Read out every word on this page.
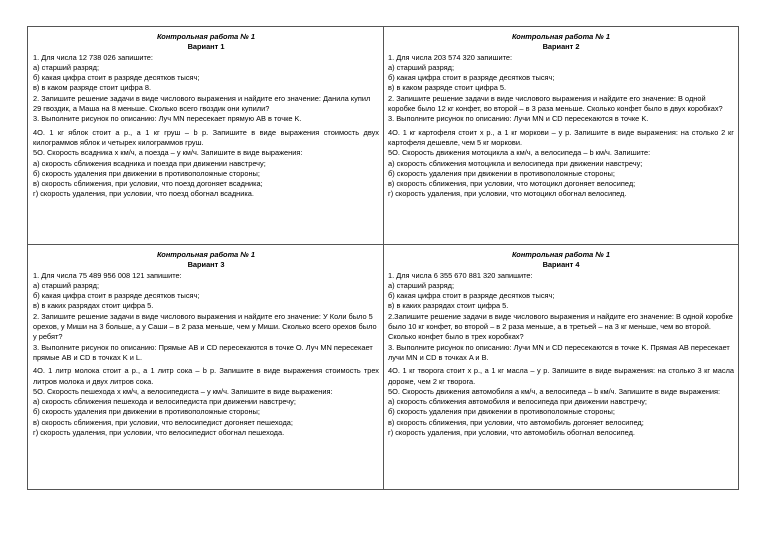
Контрольная работа № 1
Вариант 1
1. Для числа 12 738 026 запишите:
а) старший разряд;
б) какая цифра стоит в разряде десятков тысяч;
в) в каком разряде стоит цифра 8.
2. Запишите решение задачи в виде числового выражения и найдите его значение: Данила купил 29 гвоздик, а Маша на 8 меньше. Сколько всего гвоздик они купили?
3. Выполните рисунок по описанию: Луч MN пересекает прямую AB в точке K.
4О. 1 кг яблок стоит а р., а 1 кг груш – b р. Запишите в виде выражения стоимость двух килограммов яблок и четырех килограммов груш.
5О. Скорость всадника x км/ч, а поезда – y км/ч. Запишите в виде выражения:
а) скорость сближения всадника и поезда при движении навстречу;
б) скорость удаления при движении в противоположные стороны;
в) скорость сближения, при условии, что поезд догоняет всадника;
г) скорость удаления, при условии, что поезд обогнал всадника.
Контрольная работа № 1
Вариант 2
1. Для числа 203 574 320 запишите:
а) старший разряд;
б) какая цифра стоит в разряде десятков тысяч;
в) в каком разряде стоит цифра 5.
2. Запишите решение задачи в виде числового выражения и найдите его значение: В одной коробке было 12 кг конфет, во второй – в 3 раза меньше. Сколько конфет было в двух коробках?
3. Выполните рисунок по описанию: Лучи MN и CD пересекаются в точке K.
4О. 1 кг картофеля стоит x р., а 1 кг моркови – y р. Запишите в виде выражения: на столько 2 кг картофеля дешевле, чем 5 кг моркови.
5О. Скорость движения мотоцикла a км/ч, а велосипеда – b км/ч. Запишите:
а) скорость сближения мотоцикла и велосипеда при движении навстречу;
б) скорость удаления при движении в противоположные стороны;
в) скорость сближения, при условии, что мотоцикл догоняет велосипед;
г) скорость удаления, при условии, что мотоцикл обогнал велосипед.
Контрольная работа № 1
Вариант 3
1. Для числа 75 489 956 008 121 запишите:
а) старший разряд;
б) какая цифра стоит в разряде десятков тысяч;
в) в каких разрядах стоит цифра 5.
2. Запишите решение задачи в виде числового выражения и найдите его значение: У Коли было 5 орехов, у Миши на 3 больше, а у Саши – в 2 раза меньше, чем у Миши. Сколько всего орехов было у ребят?
3. Выполните рисунок по описанию: Прямые AB и CD пересекаются в точке O. Луч MN пересекает прямые AB и CD в точках K и L.
4О. 1 литр молока стоит a р., а 1 литр сока – b р. Запишите в виде выражения стоимость трех литров молока и двух литров сока.
5О. Скорость пешехода x км/ч, а велосипедиста – y км/ч. Запишите в виде выражения:
а) скорость сближения пешехода и велосипедиста при движении навстречу;
б) скорость удаления при движении в противоположные стороны;
в) скорость сближения, при условии, что велосипедист догоняет пешехода;
г) скорость удаления, при условии, что велосипедист обогнал пешехода.
Контрольная работа № 1
Вариант 4
1. Для числа 6 355 670 881 320 запишите:
а) старший разряд;
б) какая цифра стоит в разряде десятков тысяч;
в) в каких разрядах стоит цифра 5.
2.Запишите решение задачи в виде числового выражения и найдите его значение: В одной коробке было 10 кг конфет, во второй – в 2 раза меньше, а в третьей – на 3 кг меньше, чем во второй. Сколько конфет было в трех коробках?
3. Выполните рисунок по описанию: Лучи MN и CD пересекаются в точке K. Прямая AB пересекает лучи MN и CD в точках A и B.
4О. 1 кг творога стоит x р., а 1 кг масла – y р. Запишите в виде выражения: на столько 3 кг масла дороже, чем 2 кг творога.
5О. Скорость движения автомобиля a км/ч, а велосипеда – b км/ч. Запишите в виде выражения:
а) скорость сближения автомобиля и велосипеда при движении навстречу;
б) скорость удаления при движении в противоположные стороны;
в) скорость сближения, при условии, что автомобиль догоняет велосипед;
г) скорость удаления, при условии, что автомобиль обогнал велосипед.
